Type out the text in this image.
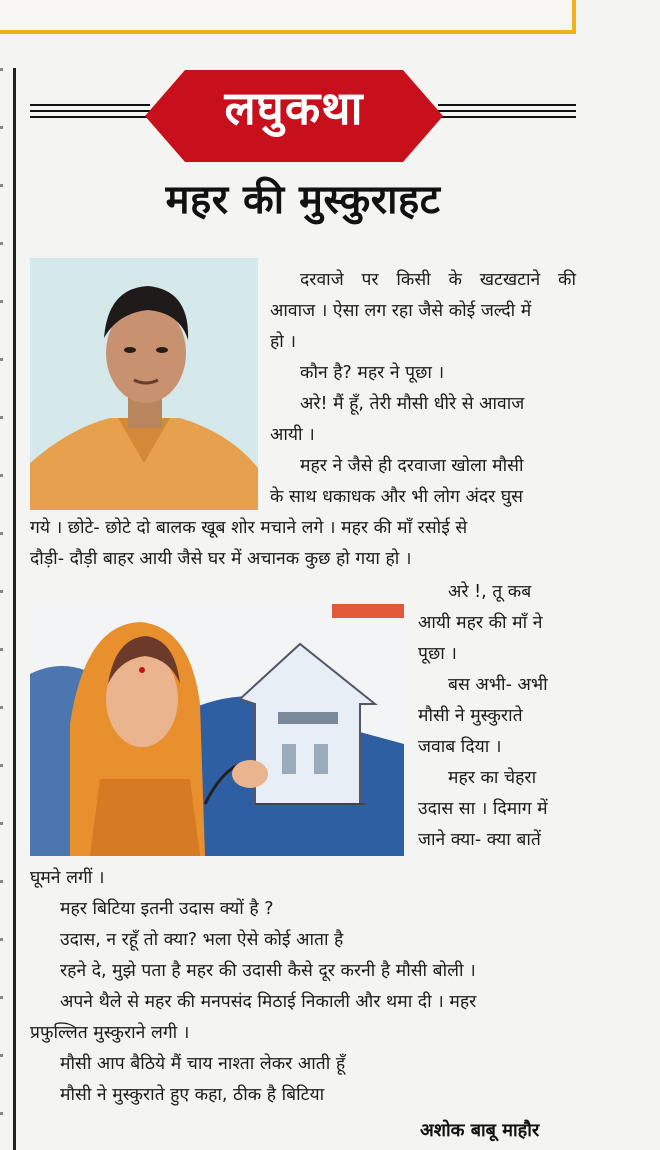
लघुकथा
महर की मुस्कुराहट
दरवाजे पर किसी के खटखटाने की
आवाज । ऐसा लग रहा जैसे कोई जल्दी में
हो ।
कौन है? महर ने पूछा ।
अरे! मैं हूँ, तेरी मौसी धीरे से आवाज
आयी ।
महर ने जैसे ही दरवाजा खोला मौसी
के साथ धकाधक और भी लोग अंदर घुस
गये । छोटे- छोटे दो बालक खूब शोर मचाने लगे । महर की माँ रसोई से
दौड़ी- दौड़ी बाहर आयी जैसे घर में अचानक कुछ हो गया हो ।
अरे !, तू कब
आयी महर की माँ ने
पूछा ।
बस अभी- अभी
मौसी ने मुस्कुराते
जवाब दिया ।
महर का चेहरा
उदास सा । दिमाग में
जाने क्या- क्या बातें
घूमने लगीं ।
महर बिटिया इतनी उदास क्यों है ?
उदास, न रहूँ तो क्या? भला ऐसे कोई आता है
रहने दे, मुझे पता है महर की उदासी कैसे दूर करनी है मौसी बोली ।
अपने थैले से महर की मनपसंद मिठाई निकाली और थमा दी । महर
प्रफुल्लित मुस्कुराने लगी ।
मौसी आप बैठिये मैं चाय नाश्ता लेकर आती हूँ
मौसी ने मुस्कुराते हुए कहा, ठीक है बिटिया
अशोक बाबू माहौर
